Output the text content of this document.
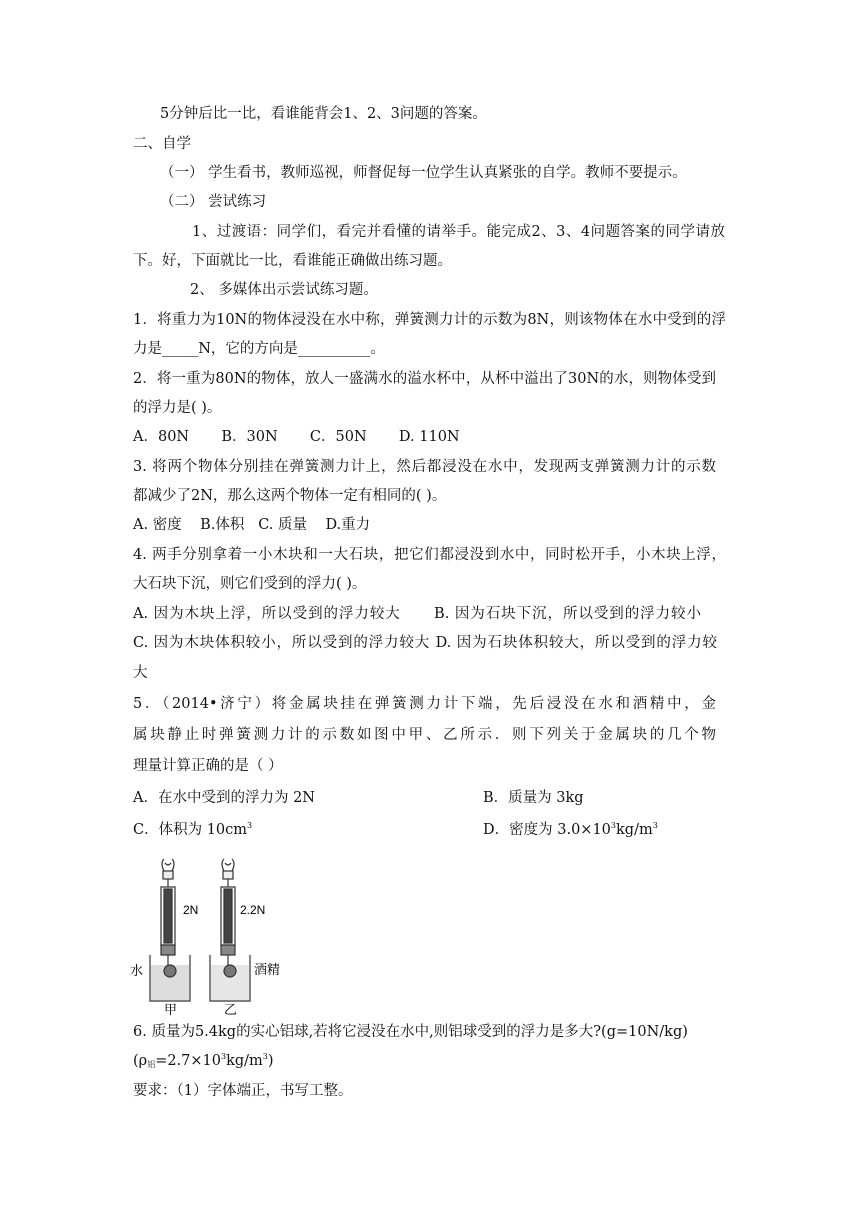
5分钟后比一比，看谁能背会1、2、3问题的答案。
二、自学
（一） 学生看书，教师巡视，师督促每一位学生认真紧张的自学。教师不要提示。
（二） 尝试练习
1、过渡语：同学们，看完并看懂的请举手。能完成2、3、4问题答案的同学请放
下。好，下面就比一比，看谁能正确做出练习题。
2、 多媒体出示尝试练习题。
1．将重力为10N的物体浸没在水中称，弹簧测力计的示数为8N，则该物体在水中受到的浮
力是_____N，它的方向是__________。
2．将一重为80N的物体，放人一盛满水的溢水杯中，从杯中溢出了30N的水，则物体受到
的浮力是( )。
A．80N       B．30N       C．50N       D. 110N
3. 将两个物体分别挂在弹簧测力计上，然后都浸没在水中，发现两支弹簧测力计的示数
都减少了2N，那么这两个物体一定有相同的( )。
A. 密度    B.体积   C. 质量    D.重力
4. 两手分别拿着一小木块和一大石块，把它们都浸没到水中，同时松开手，小木块上浮，
大石块下沉，则它们受到的浮力( )。
A. 因为木块上浮，所以受到的浮力较大      B. 因为石块下沉，所以受到的浮力较小
C. 因为木块体积较小，所以受到的浮力较大 D. 因为石块体积较大，所以受到的浮力较
大
5．（2014•济宁）将金属块挂在弹簧测力计下端，先后浸没在水和酒精中，金
属块静止时弹簧测力计的示数如图中甲、乙所示．则下列关于金属块的几个物
理量计算正确的是（ ）
A．在水中受到的浮力为 2N	B．质量为 3kg
C．体积为 $10cm^3$	D．密度为 $3.0\times 10^3kg/m^3$
2N	2.2N
水	酒精
甲	乙
6. 质量为5.4kg的实心铝球,若将它浸没在水中,则铝球受到的浮力是多大?(g=10N/kg)
$(\rho_铝=2.7\times 10^3kg/m^3)$
要求：（1）字体端正，书写工整。
